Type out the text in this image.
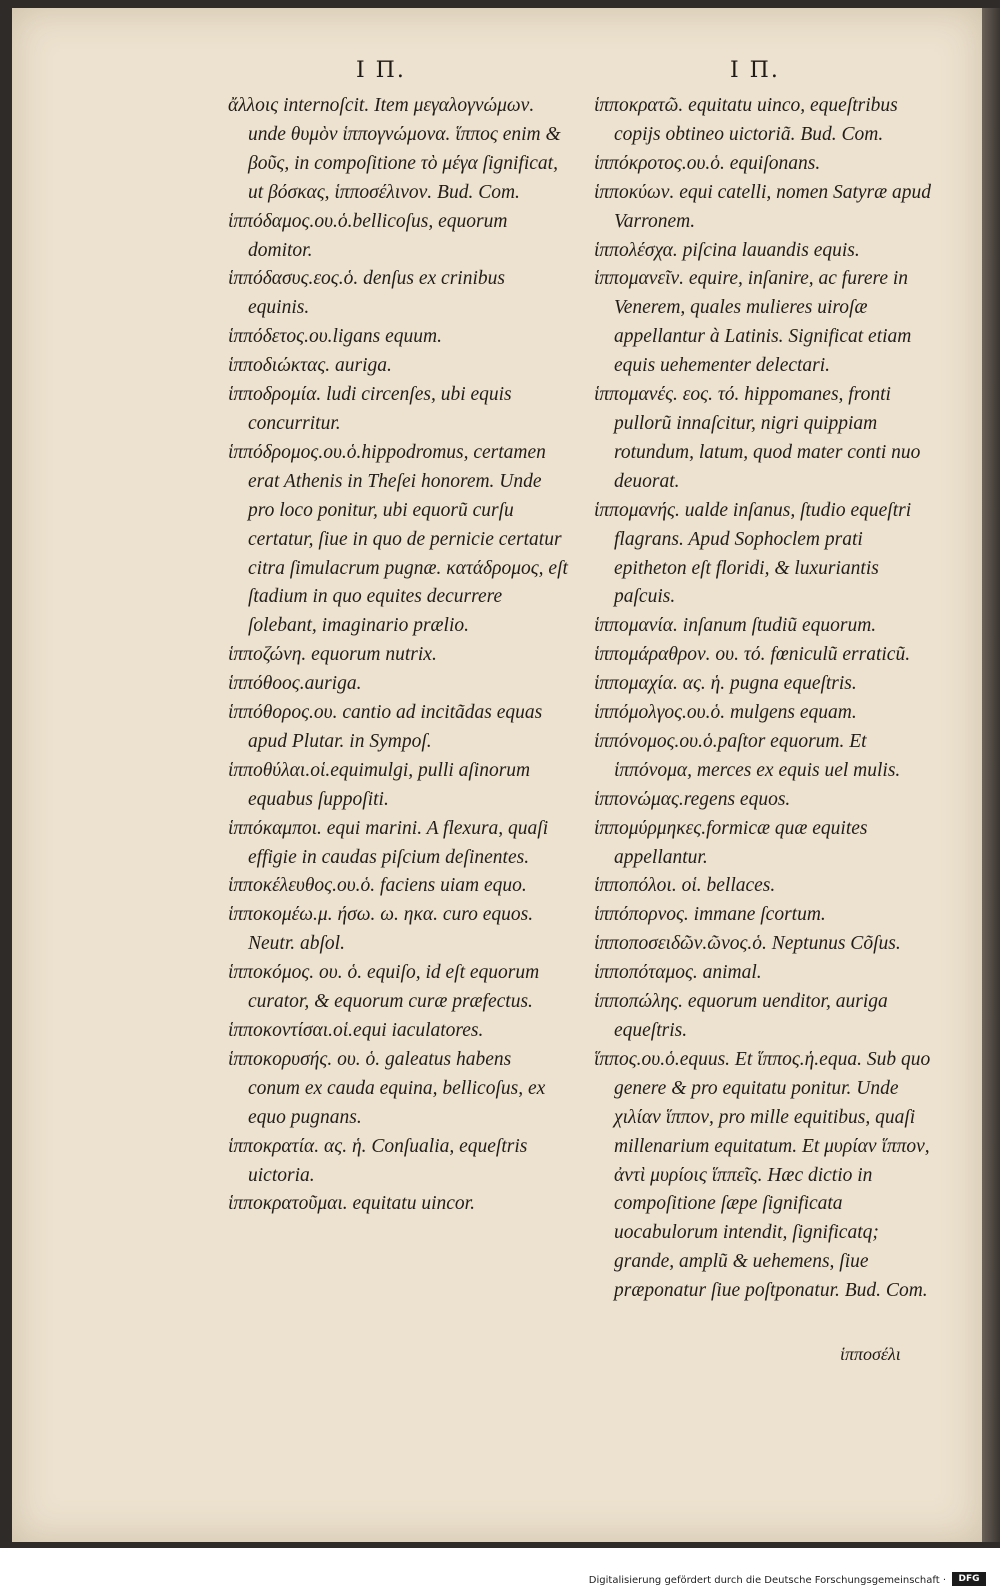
I Π.	I Π.

ἄλλοις internoſcit. Item μεγαλογνώμων. unde θυμὸν ἱππογνώμονα. ἵππος enim & βοῦς, in compoſitione τὸ μέγα ſignificat, ut βόσκας, ἱπποσέλινον. Bud. Com.

ἱππόδαμος.ου.ὁ.bellicoſus, equorum domitor.

ἱππόδασυς.εος.ὁ. denſus ex crinibus equinis.

ἱππόδετος.ου.ligans equum.

ἱπποδιώκτας. auriga.

ἱπποδρομία. ludi circenſes, ubi equis concurritur.

ἱππόδρομος.ου.ὁ.hippodromus, certamen erat Athenis in Theſei honorem. Unde pro loco ponitur, ubi equorũ curſu certatur, ſiue in quo de pernicie certatur citra ſimulacrum pugnæ. κατάδρομος, eſt ſtadium in quo equites decurrere ſolebant, imaginario prælio.

ἱπποζώνη. equorum nutrix.

ἱππόθοος.auriga.

ἱππόθορος.ου. cantio ad incitãdas equas apud Plutar. in Sympoſ.

ἱπποθύλαι.οἱ.equimulgi, pulli aſinorum equabus ſuppoſiti.

ἱππόκαμποι. equi marini. A flexura, quaſi effigie in caudas piſcium deſinentes.

ἱπποκέλευθος.ου.ὁ. faciens uiam equo.

ἱπποκομέω.μ. ήσω. ω. ηκα. curo equos. Neutr. abſol.

ἱπποκόμος. ου. ὁ. equiſo, id eſt equorum curator, & equorum curæ præfectus.

ἱπποκοντίσαι.οἱ.equi iaculatores.

ἱπποκορυσής. ου. ὁ. galeatus habens conum ex cauda equina, bellicoſus, ex equo pugnans.

ἱπποκρατία. ας. ἡ. Conſualia, equeſtris uictoria.

ἱπποκρατοῦμαι. equitatu uincor.

ἱπποκρατῶ. equitatu uinco, equeſtribus copijs obtineo uictoriã. Bud. Com.

ἱππόκροτος.ου.ὁ. equiſonans.

ἱπποκύων. equi catelli, nomen Satyræ apud Varronem.

ἱππολέσχα. piſcina lauandis equis.

ἱππομανεῖν. equire, inſanire, ac furere in Venerem, quales mulieres uiroſæ appellantur à Latinis. Significat etiam equis uehementer delectari.

ἱππομανές. εος. τό. hippomanes, fronti pullorũ innaſcitur, nigri quippiam rotundum, latum, quod mater conti nuo deuorat.

ἱππομανής. ualde inſanus, ſtudio equeſtri flagrans. Apud Sophoclem prati epitheton eſt floridi, & luxuriantis paſcuis.

ἱππομανία. inſanum ſtudiũ equorum.

ἱππομάραθρον. ου. τό. fœniculũ erraticũ.

ἱππομαχία. ας. ἡ. pugna equeſtris.

ἱππόμολγος.ου.ὁ. mulgens equam.

ἱππόνομος.ου.ὁ.paſtor equorum. Et ἱππόνομα, merces ex equis uel mulis.

ἱππονώμας.regens equos.

ἱππομύρμηκες.formicæ quæ equites appellantur.

ἱπποπόλοι. οἱ. bellaces.

ἱππόπορνος. immane ſcortum.

ἱπποποσειδῶν.ῶνος.ὁ. Neptunus Cõſus.

ἱπποπόταμος. animal.

ἱπποπώλης. equorum uenditor, auriga equeſtris.

ἵππος.ου.ὁ.equus. Et ἵππος.ἡ.equa. Sub quo genere & pro equitatu ponitur. Unde χιλίαν ἵππον, pro mille equitibus, quaſi millenarium equitatum. Et μυρίαν ἵππον, ἀντὶ μυρίοις ἵππεῖς. Hæc dictio in compoſitione ſæpe ſignificata uocabulorum intendit, ſignificatq; grande, amplũ & uehemens, ſiue præponatur ſiue poſtponatur. Bud. Com.

ἱπποσέλι
Digitalisierung gefördert durch die Deutsche Forschungsgemeinschaft ·	DFG
